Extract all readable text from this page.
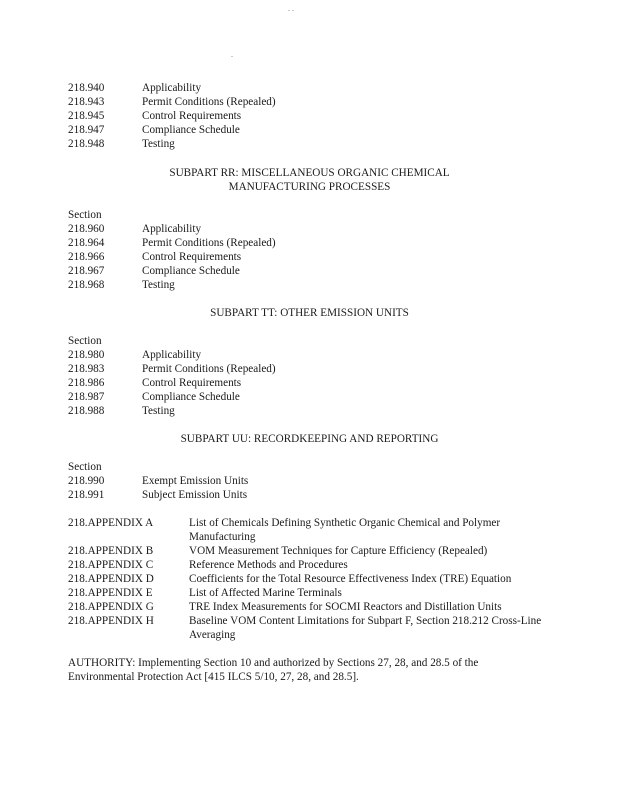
. .
.
218.940	Applicability
218.943	Permit Conditions (Repealed)
218.945	Control Requirements
218.947	Compliance Schedule
218.948	Testing
SUBPART RR: MISCELLANEOUS ORGANIC CHEMICAL
MANUFACTURING PROCESSES
Section
218.960	Applicability
218.964	Permit Conditions (Repealed)
218.966	Control Requirements
218.967	Compliance Schedule
218.968	Testing
SUBPART TT: OTHER EMISSION UNITS
Section
218.980	Applicability
218.983	Permit Conditions (Repealed)
218.986	Control Requirements
218.987	Compliance Schedule
218.988	Testing
SUBPART UU: RECORDKEEPING AND REPORTING
Section
218.990	Exempt Emission Units
218.991	Subject Emission Units
218.APPENDIX A	List of Chemicals Defining Synthetic Organic Chemical and Polymer Manufacturing
218.APPENDIX B	VOM Measurement Techniques for Capture Efficiency (Repealed)
218.APPENDIX C	Reference Methods and Procedures
218.APPENDIX D	Coefficients for the Total Resource Effectiveness Index (TRE) Equation
218.APPENDIX E	List of Affected Marine Terminals
218.APPENDIX G	TRE Index Measurements for SOCMI Reactors and Distillation Units
218.APPENDIX H	Baseline VOM Content Limitations for Subpart F, Section 218.212 Cross-Line Averaging
AUTHORITY: Implementing Section 10 and authorized by Sections 27, 28, and 28.5 of the Environmental Protection Act [415 ILCS 5/10, 27, 28, and 28.5].
